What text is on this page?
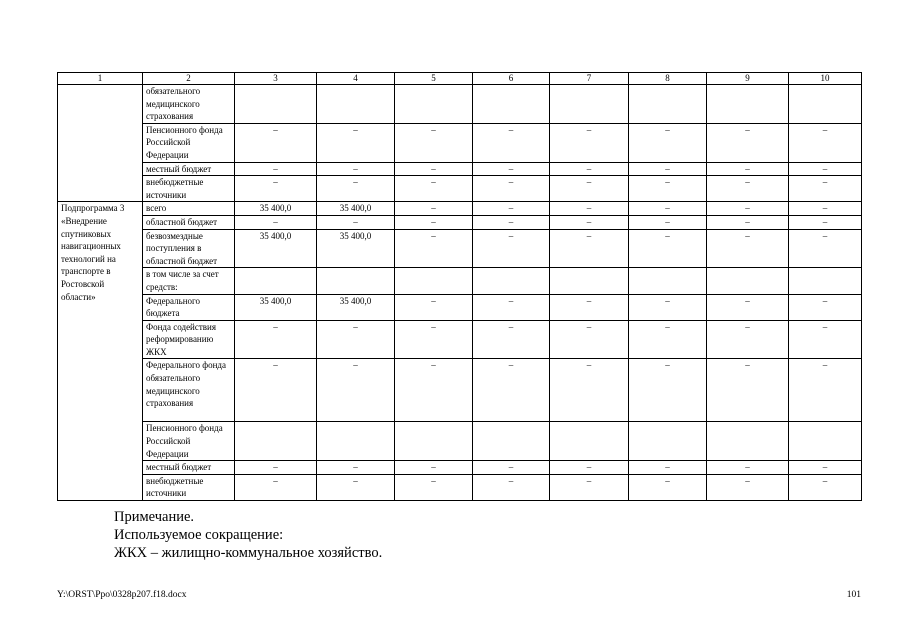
1	2	3	4	5	6	7	8	9	10
	обязательного медицинского страхования								
	Пенсионного фонда Российской Федерации	–	–	–	–	–	–	–	–
	местный бюджет	–	–	–	–	–	–	–	–
	внебюджетные источники	–	–	–	–	–	–	–	–
Подпрограмма 3 «Внедрение спутниковых навигационных технологий на транспорте в Ростовской области»	всего	35 400,0	35 400,0	–	–	–	–	–	–
	областной бюджет	–	–	–	–	–	–	–	–
	безвозмездные поступления в областной бюджет	35 400,0	35 400,0	–	–	–	–	–	–
	в том числе за счет средств:								
	Федерального бюджета	35 400,0	35 400,0	–	–	–	–	–	–
	Фонда содействия реформированию ЖКХ	–	–	–	–	–	–	–	–
	Федерального фонда обязательного медицинского страхования	–	–	–	–	–	–	–	–
	Пенсионного фонда Российской Федерации								
	местный бюджет	–	–	–	–	–	–	–	–
	внебюджетные источники	–	–	–	–	–	–	–	–
Примечание.
Используемое сокращение:
ЖКХ – жилищно-коммунальное хозяйство.
Y:\ORST\Ppo\0328p207.f18.docx	101
